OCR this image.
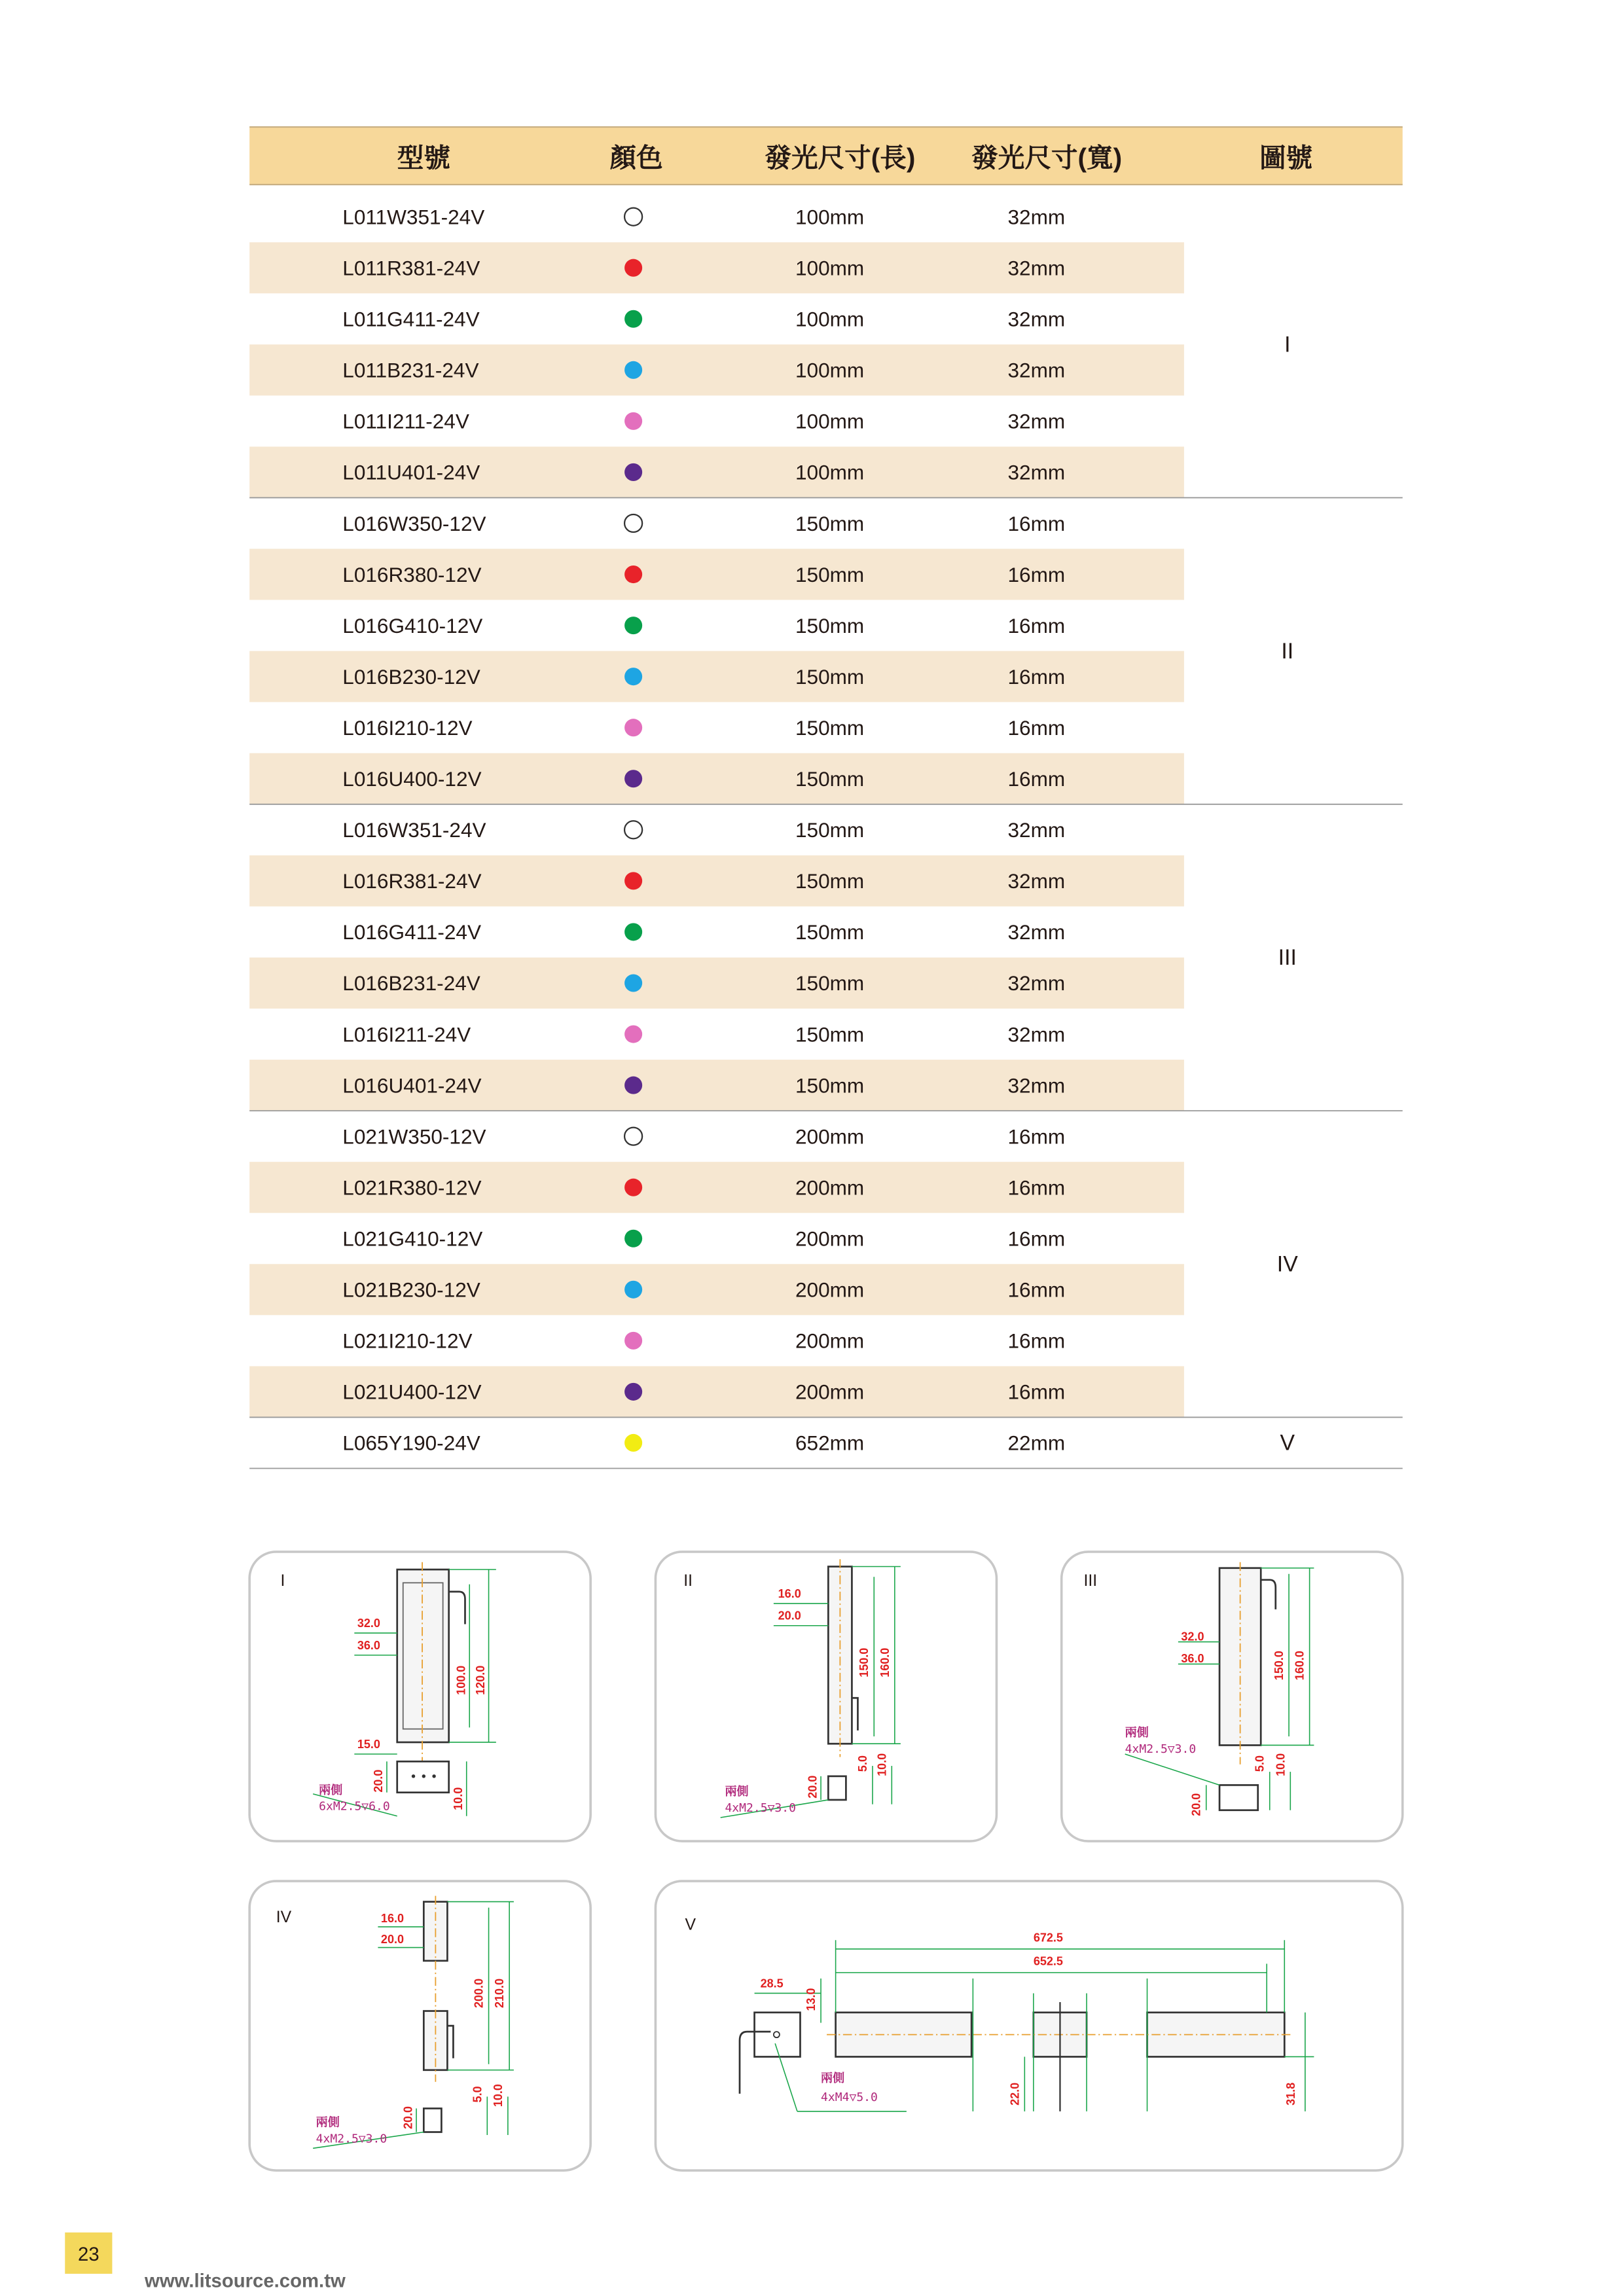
型號	顏色	發光尺寸(長)	發光尺寸(寬)	圖號
L011W351-24V	100mm	32mm
L011R381-24V	100mm	32mm
L011G411-24V	100mm	32mm
L011B231-24V	100mm	32mm
L011I211-24V	100mm	32mm
L011U401-24V	100mm	32mm
I
L016W350-12V	150mm	16mm
L016R380-12V	150mm	16mm
L016G410-12V	150mm	16mm
L016B230-12V	150mm	16mm
L016I210-12V	150mm	16mm
L016U400-12V	150mm	16mm
II
L016W351-24V	150mm	32mm
L016R381-24V	150mm	32mm
L016G411-24V	150mm	32mm
L016B231-24V	150mm	32mm
L016I211-24V	150mm	32mm
L016U401-24V	150mm	32mm
III
L021W350-12V	200mm	16mm
L021R380-12V	200mm	16mm
L021G410-12V	200mm	16mm
L021B230-12V	200mm	16mm
L021I210-12V	200mm	16mm
L021U400-12V	200mm	16mm
IV
L065Y190-24V	652mm	22mm	V
I
32.0
36.0
100.0 120.0
15.0
20.0
10.0
兩側
6xM2.5▽6.0
II
16.0
20.0
150.0 160.0
20.0
5.0 10.0
兩側
4xM2.5▽3.0
III
32.0
36.0	150.0 160.0
5.0 10.0
20.0
兩側
4xM2.5▽3.0
IV	16.0
20.0
200.0 210.0
20.0
5.0 10.0
兩側
4xM2.5▽3.0
V
672.5
652.5
28.5
13.0
22.0	31.8
兩側
4xM4▽5.0
23
www.litsource.com.tw
